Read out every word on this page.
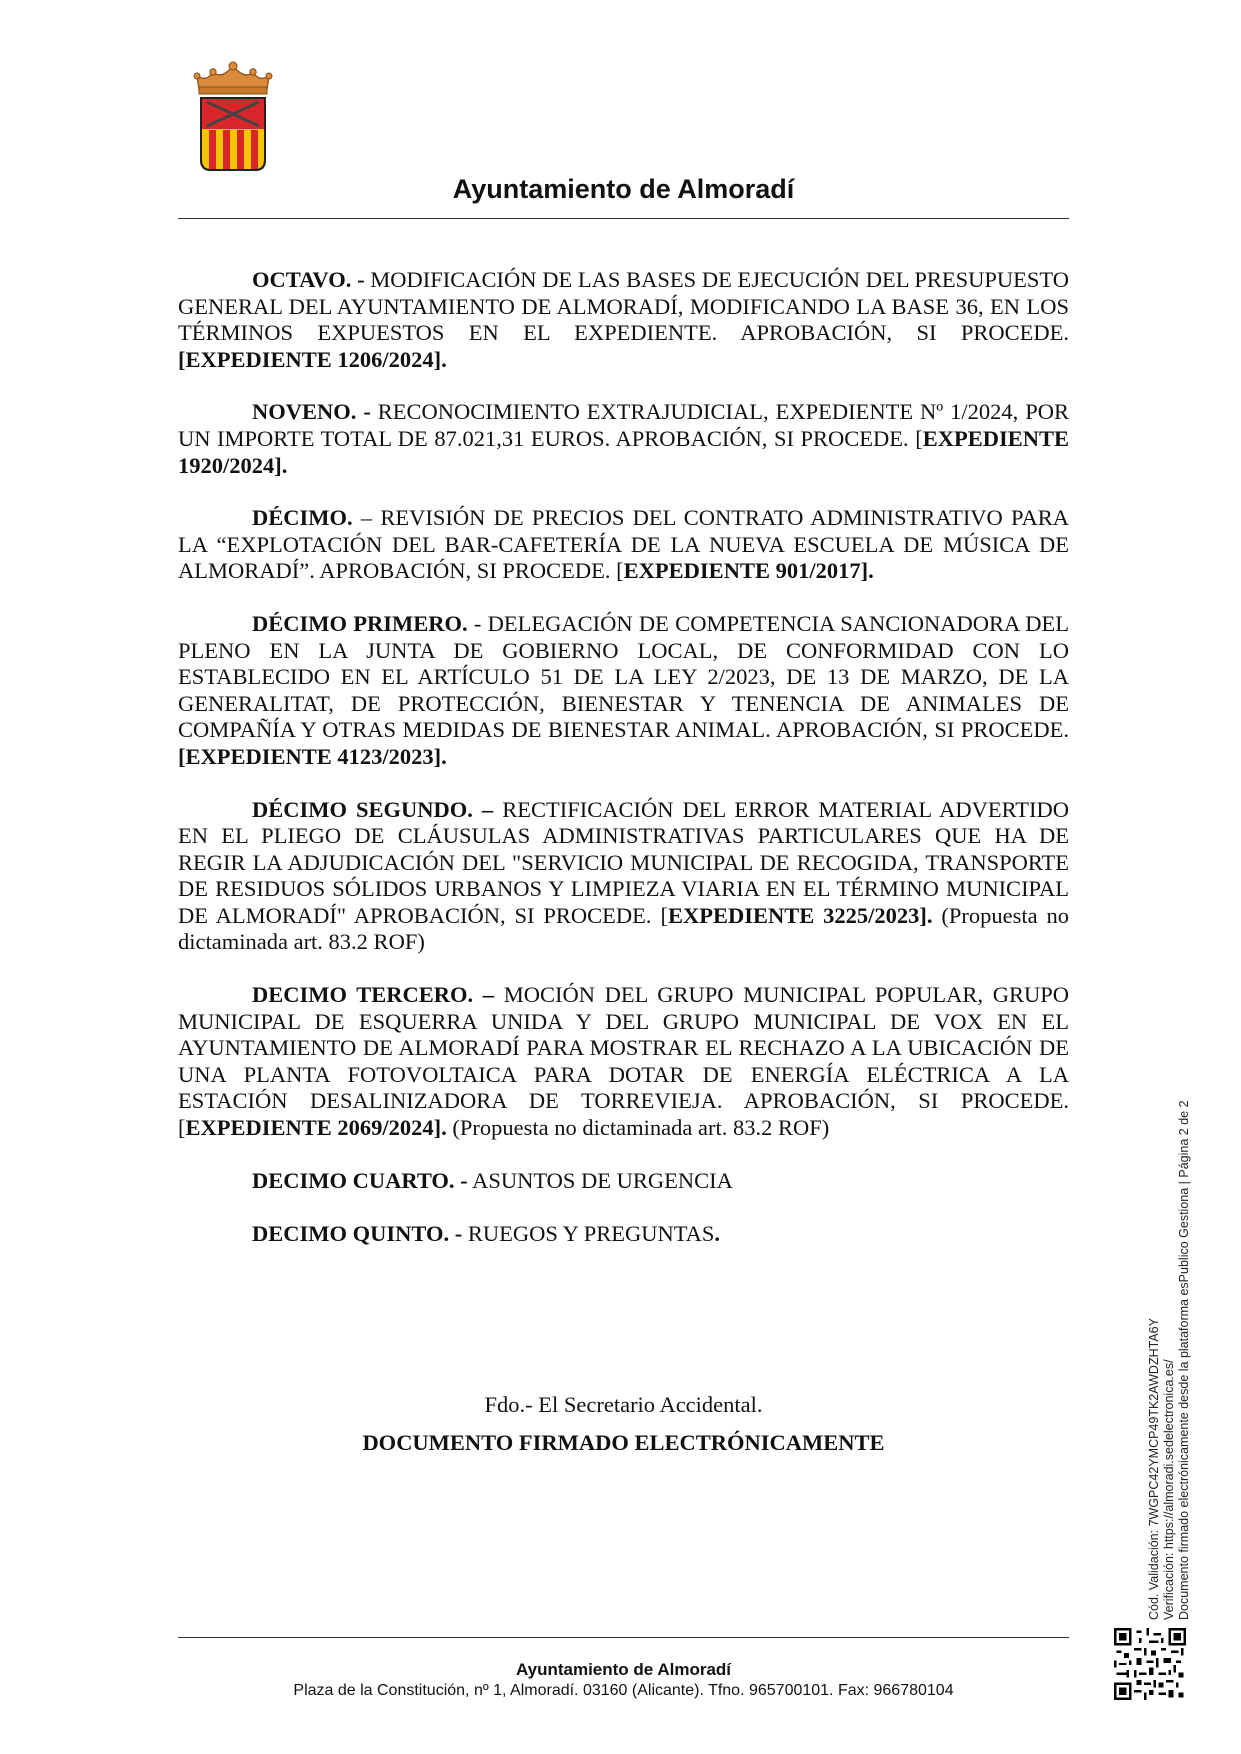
Ayuntamiento de Almoradí

OCTAVO. - MODIFICACIÓN DE LAS BASES DE EJECUCIÓN DEL PRESUPUESTO GENERAL DEL AYUNTAMIENTO DE ALMORADÍ, MODIFICANDO LA BASE 36, EN LOS TÉRMINOS EXPUESTOS EN EL EXPEDIENTE. APROBACIÓN, SI PROCEDE. [EXPEDIENTE 1206/2024].

NOVENO. - RECONOCIMIENTO EXTRAJUDICIAL, EXPEDIENTE Nº 1/2024, POR UN IMPORTE TOTAL DE 87.021,31 EUROS. APROBACIÓN, SI PROCEDE. [EXPEDIENTE 1920/2024].

DÉCIMO. – REVISIÓN DE PRECIOS DEL CONTRATO ADMINISTRATIVO PARA LA “EXPLOTACIÓN DEL BAR-CAFETERÍA DE LA NUEVA ESCUELA DE MÚSICA DE ALMORADÍ”. APROBACIÓN, SI PROCEDE. [EXPEDIENTE 901/2017].

DÉCIMO PRIMERO. - DELEGACIÓN DE COMPETENCIA SANCIONADORA DEL PLENO EN LA JUNTA DE GOBIERNO LOCAL, DE CONFORMIDAD CON LO ESTABLECIDO EN EL ARTÍCULO 51 DE LA LEY 2/2023, DE 13 DE MARZO, DE LA GENERALITAT, DE PROTECCIÓN, BIENESTAR Y TENENCIA DE ANIMALES DE COMPAÑÍA Y OTRAS MEDIDAS DE BIENESTAR ANIMAL. APROBACIÓN, SI PROCEDE. [EXPEDIENTE 4123/2023].

DÉCIMO SEGUNDO. – RECTIFICACIÓN DEL ERROR MATERIAL ADVERTIDO EN EL PLIEGO DE CLÁUSULAS ADMINISTRATIVAS PARTICULARES QUE HA DE REGIR LA ADJUDICACIÓN DEL "SERVICIO MUNICIPAL DE RECOGIDA, TRANSPORTE DE RESIDUOS SÓLIDOS URBANOS Y LIMPIEZA VIARIA EN EL TÉRMINO MUNICIPAL DE ALMORADÍ" APROBACIÓN, SI PROCEDE. [EXPEDIENTE 3225/2023]. (Propuesta no dictaminada art. 83.2 ROF)

DECIMO TERCERO. – MOCIÓN DEL GRUPO MUNICIPAL POPULAR, GRUPO MUNICIPAL DE ESQUERRA UNIDA Y DEL GRUPO MUNICIPAL DE VOX EN EL AYUNTAMIENTO DE ALMORADÍ PARA MOSTRAR EL RECHAZO A LA UBICACIÓN DE UNA PLANTA FOTOVOLTAICA PARA DOTAR DE ENERGÍA ELÉCTRICA A LA ESTACIÓN DESALINIZADORA DE TORREVIEJA. APROBACIÓN, SI PROCEDE. [EXPEDIENTE 2069/2024]. (Propuesta no dictaminada art. 83.2 ROF)

DECIMO CUARTO. - ASUNTOS DE URGENCIA

DECIMO QUINTO. - RUEGOS Y PREGUNTAS.

Fdo.- El Secretario Accidental.
DOCUMENTO FIRMADO ELECTRÓNICAMENTE
Ayuntamiento de Almoradí
Plaza de la Constitución, nº 1, Almoradí. 03160 (Alicante). Tfno. 965700101. Fax: 966780104
Cód. Validación: 7WGPC42YMCP49TK2AWDZHTA6Y Verificación: https://almoradi.sedelectronica.es/ Documento firmado electrónicamente desde la plataforma esPublico Gestiona | Página 2 de 2
